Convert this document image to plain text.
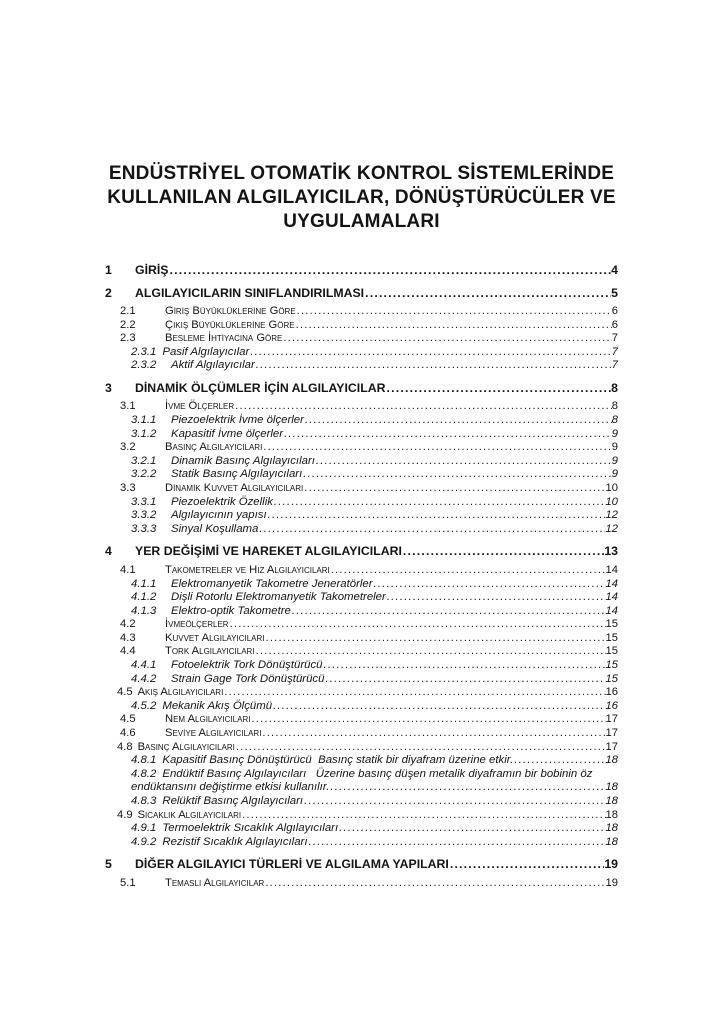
ENDÜSTRİYEL OTOMATİK KONTROL SİSTEMLERİNDE
KULLANILAN ALGILAYICILAR, DÖNÜŞTÜRÜCÜLER VE
UYGULAMALARI
1	GİRİŞ .....	4
2	ALGILAYICILARIN SINIFLANDIRILMASI .....	5
2.1	Giriş Büyüklüklerine Göre .....	6
2.2	Çıkış Büyüklüklerine Göre .....	6
2.3	Besleme İhtiyacına Göre .....	7
2.3.1 Pasif Algılayıcılar .....	7
2.3.2	Aktif Algılayıcılar .....	7
3	DİNAMİK ÖLÇÜMLER İÇİN ALGILAYICILAR .....	8
3.1	İvme Ölçerler .....	8
3.1.1	Piezoelektrik İvme ölçerler .....	8
3.1.2	Kapasitif İvme ölçerler .....	9
3.2	Basınç Algılayıcıları .....	9
3.2.1	Dinamik Basınç Algılayıcıları .....	9
3.2.2	Statik Basınç Algılayıcıları .....	9
3.3	Dinamik Kuvvet Algılayıcıları .....	10
3.3.1	Piezoelektrik Özellik .....	10
3.3.2	Algılayıcının yapısı .....	12
3.3.3	Sinyal Koşullama .....	12
4	YER DEĞİŞİMİ VE HAREKET ALGILAYICILARI .....	13
4.1	Takometreler ve Hız Algılayıcıları .....	14
4.1.1	Elektromanyetik Takometre Jeneratörler .....	14
4.1.2	Dişli Rotorlu Elektromanyetik Takometreler .....	14
4.1.3	Elektro-optik Takometre .....	14
4.2	İvmeölçerler .....	15
4.3	Kuvvet Algılayıcıları .....	15
4.4	Tork Algılayıcıları .....	15
4.4.1	Fotoelektrik Tork Dönüştürücü .....	15
4.4.2	Strain Gage Tork Dönüştürücü .....	15
4.5 Akış Algılayıcıları .....	16
4.5.2 Mekanik Akış Ölçümü .....	16
4.5	Nem Algılayıcıları .....	17
4.6	Seviye Algılayıcıları .....	17
4.8 Basınç Algılayıcıları .....	17
4.8.1 Kapasitif Basınç Dönüştürücü  Basınç statik bir diyafram üzerine etkir. .....	18
4.8.2 Endüktif Basınç Algılayıcıları   Üzerine basınç düşen metalik diyaframın bir bobinin öz
endüktansını değiştirme etkisi kullanılır. .....	18
4.8.3 Relüktif Basınç Algılayıcıları .....	18
4.9 Sıcaklık Algılayıcıları .....	18
4.9.1 Termoelektrik Sıcaklık Algılayıcıları .....	18
4.9.2 Rezistif Sıcaklık Algılayıcıları .....	18
5	DİĞER ALGILAYICI TÜRLERİ VE ALGILAMA YAPILARI .....	19
5.1	Temaslı Algılayıcılar .....	19
